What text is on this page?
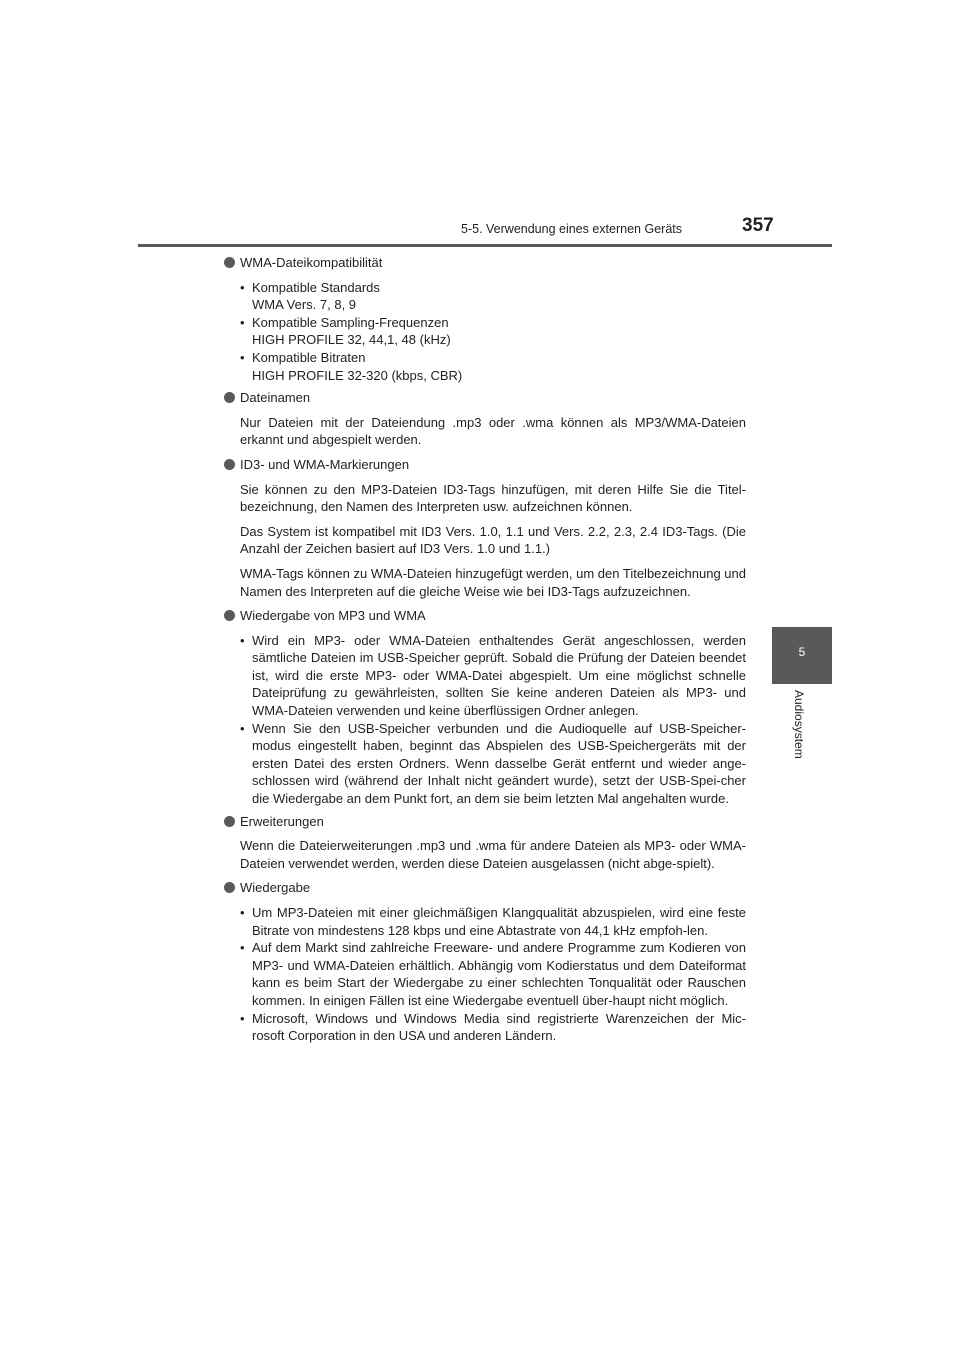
5-5. Verwendung eines externen Geräts	357
5
Audiosystem
WMA-Dateikompatibilität
• Kompatible Standards
WMA Vers. 7, 8, 9
• Kompatible Sampling-Frequenzen
HIGH PROFILE 32, 44,1, 48 (kHz)
• Kompatible Bitraten
HIGH PROFILE 32-320 (kbps, CBR)
Dateinamen

Nur Dateien mit der Dateiendung .mp3 oder .wma können als MP3/WMA-Dateien erkannt und abgespielt werden.

ID3- und WMA-Markierungen

Sie können zu den MP3-Dateien ID3-Tags hinzufügen, mit deren Hilfe Sie die Titel-bezeichnung, den Namen des Interpreten usw. aufzeichnen können.

Das System ist kompatibel mit ID3 Vers. 1.0, 1.1 und Vers. 2.2, 2.3, 2.4 ID3-Tags. (Die Anzahl der Zeichen basiert auf ID3 Vers. 1.0 und 1.1.)

WMA-Tags können zu WMA-Dateien hinzugefügt werden, um den Titelbezeichnung und Namen des Interpreten auf die gleiche Weise wie bei ID3-Tags aufzuzeichnen.

Wiedergabe von MP3 und WMA
• Wird ein MP3- oder WMA-Dateien enthaltendes Gerät angeschlossen, werden sämtliche Dateien im USB-Speicher geprüft. Sobald die Prüfung der Dateien beendet ist, wird die erste MP3- oder WMA-Datei abgespielt. Um eine möglichst schnelle Dateiprüfung zu gewährleisten, sollten Sie keine anderen Dateien als MP3- und WMA-Dateien verwenden und keine überflüssigen Ordner anlegen.
• Wenn Sie den USB-Speicher verbunden und die Audioquelle auf USB-Speicher-modus eingestellt haben, beginnt das Abspielen des USB-Speichergeräts mit der ersten Datei des ersten Ordners. Wenn dasselbe Gerät entfernt und wieder ange-schlossen wird (während der Inhalt nicht geändert wurde), setzt der USB-Spei-cher die Wiedergabe an dem Punkt fort, an dem sie beim letzten Mal angehalten wurde.
Erweiterungen

Wenn die Dateierweiterungen .mp3 und .wma für andere Dateien als MP3- oder WMA-Dateien verwendet werden, werden diese Dateien ausgelassen (nicht abge-spielt).

Wiedergabe
• Um MP3-Dateien mit einer gleichmäßigen Klangqualität abzuspielen, wird eine feste Bitrate von mindestens 128 kbps und eine Abtastrate von 44,1 kHz empfoh-len.
• Auf dem Markt sind zahlreiche Freeware- und andere Programme zum Kodieren von MP3- und WMA-Dateien erhältlich. Abhängig vom Kodierstatus und dem Dateiformat kann es beim Start der Wiedergabe zu einer schlechten Tonqualität oder Rauschen kommen. In einigen Fällen ist eine Wiedergabe eventuell über-haupt nicht möglich.
• Microsoft, Windows und Windows Media sind registrierte Warenzeichen der Mic-rosoft Corporation in den USA und anderen Ländern.
